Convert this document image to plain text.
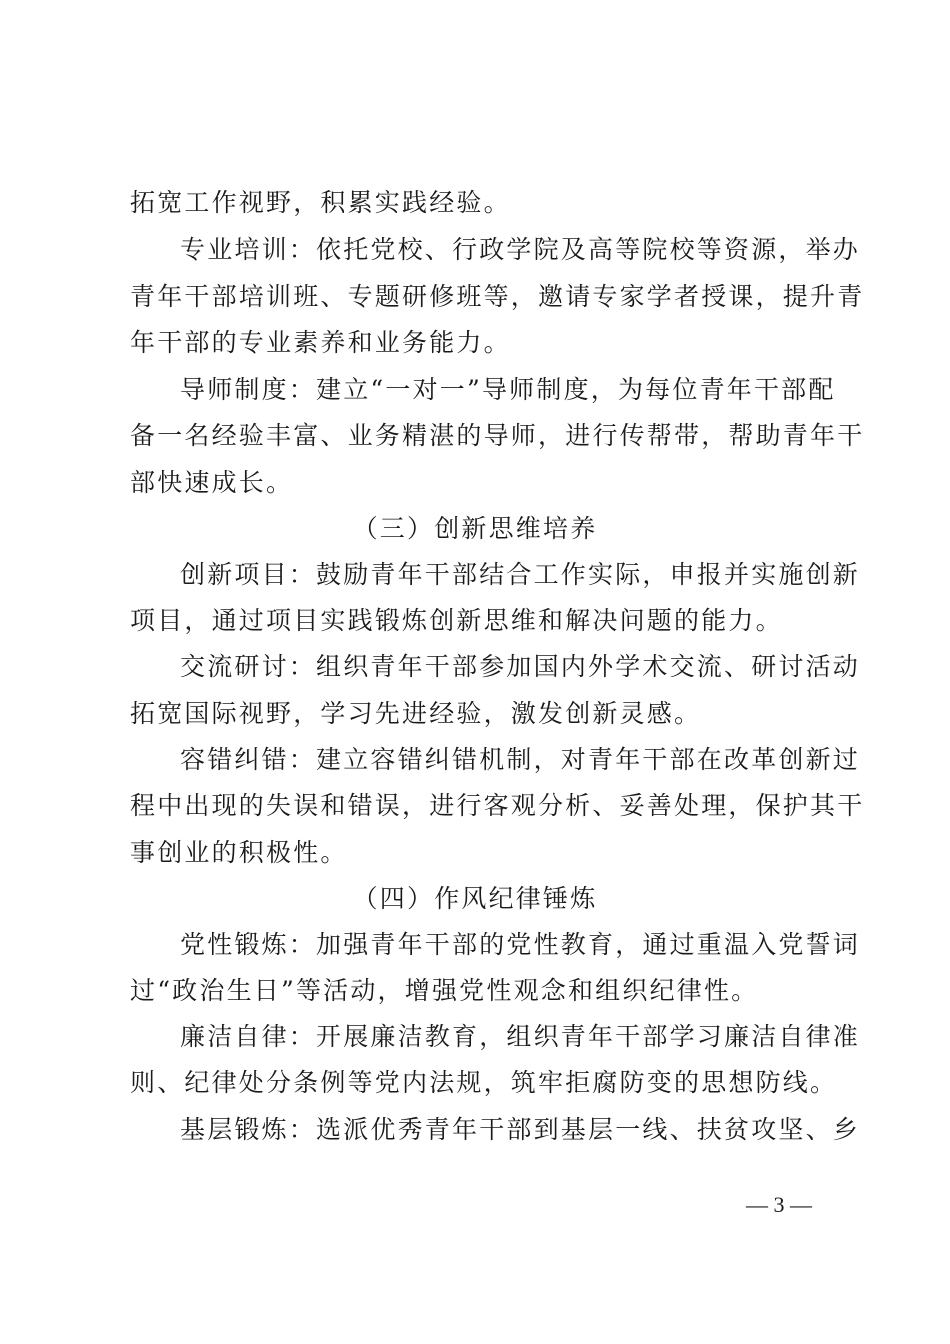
拓宽工作视野，积累实践经验。
专业培训：依托党校、行政学院及高等院校等资源，举办
青年干部培训班、专题研修班等，邀请专家学者授课，提升青
年干部的专业素养和业务能力。
导师制度：建立“一对一”导师制度，为每位青年干部配
备一名经验丰富、业务精湛的导师，进行传帮带，帮助青年干
部快速成长。
（三）创新思维培养
创新项目：鼓励青年干部结合工作实际，申报并实施创新
项目，通过项目实践锻炼创新思维和解决问题的能力。
交流研讨：组织青年干部参加国内外学术交流、研讨活动
拓宽国际视野，学习先进经验，激发创新灵感。
容错纠错：建立容错纠错机制，对青年干部在改革创新过
程中出现的失误和错误，进行客观分析、妥善处理，保护其干
事创业的积极性。
（四）作风纪律锤炼
党性锻炼：加强青年干部的党性教育，通过重温入党誓词
过“政治生日”等活动，增强党性观念和组织纪律性。
廉洁自律：开展廉洁教育，组织青年干部学习廉洁自律准
则、纪律处分条例等党内法规，筑牢拒腐防变的思想防线。
基层锻炼：选派优秀青年干部到基层一线、扶贫攻坚、乡
— 3 —
